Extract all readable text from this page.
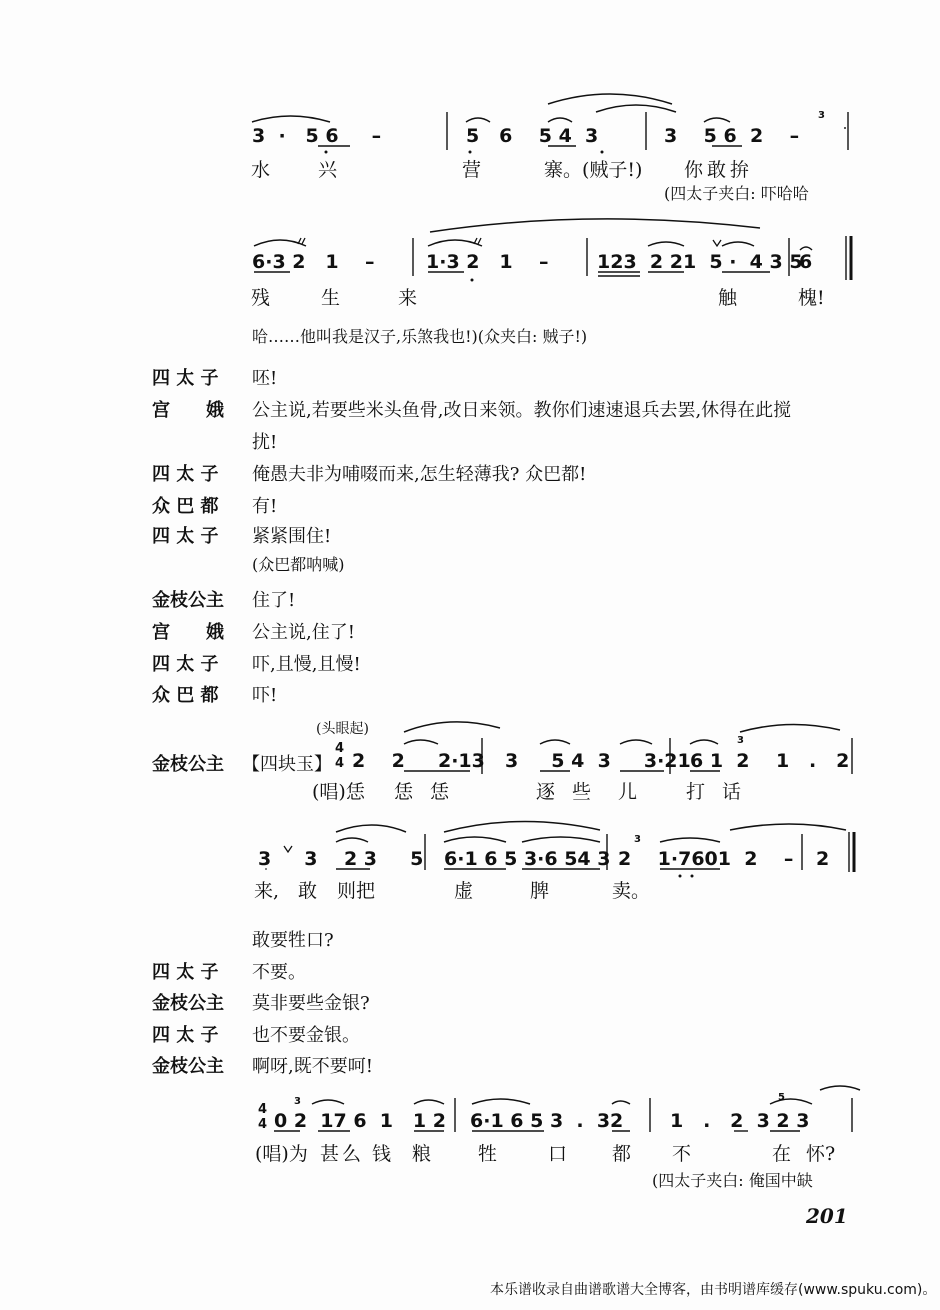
3  ·   5 6     –	5   6    5 4  3	3    5 6  2    –
3
水	兴	营	寨。(贼子!) 你敢拚
(四太子夹白: 吓哈哈
6·3 2   1    –	1·3 2   1    –	123  2 21  5 ·  4 3 5
6
残	生	来	触	槐!
哈……他叫我是汉子,乐煞我也!)(众夹白: 贼子!)
四 太 子 呸!
宫　　娥 公主说,若要些米头鱼骨,改日来领。教你们速速退兵去罢,休得在此搅
扰!
四 太 子 俺愚夫非为哺啜而来,怎生轻薄我? 众巴都!
众 巴 都 有!
四 太 子 紧紧围住!
(众巴都呐喊)
金枝公主 住了!
宫　　娥 公主说,住了!
四 太 子 吓,且慢,且慢!
众 巴 都 吓!
(头眼起)
金枝公主 【四块玉】
4
4 2    2     2·13 3     5 4  3     3·21 6 1  2    1   .   2
3
(唱)恁 恁 恁	逐 些 儿	打 话
3     3    2 3     5 6·1 6 5 3·6 54 3 2    1·7601  2    – 2
3
来, 敢 则把	虚	脾	卖。
敢要牲口?
四 太 子 不要。
金枝公主 莫非要些金银?
四 太 子 也不要金银。
金枝公主 啊呀,既不要呵!
4
4 0 2  17 6  1   1 2 6·1 6 5 3  .  32 1   .   2  3 2 3
3	5
(唱)为 甚 么 钱 粮 牲	口 都 不	在 怀?
(四太子夹白: 俺国中缺
201
本乐谱收录自曲谱歌谱大全博客，由书明谱库缓存(www.spuku.com)。
